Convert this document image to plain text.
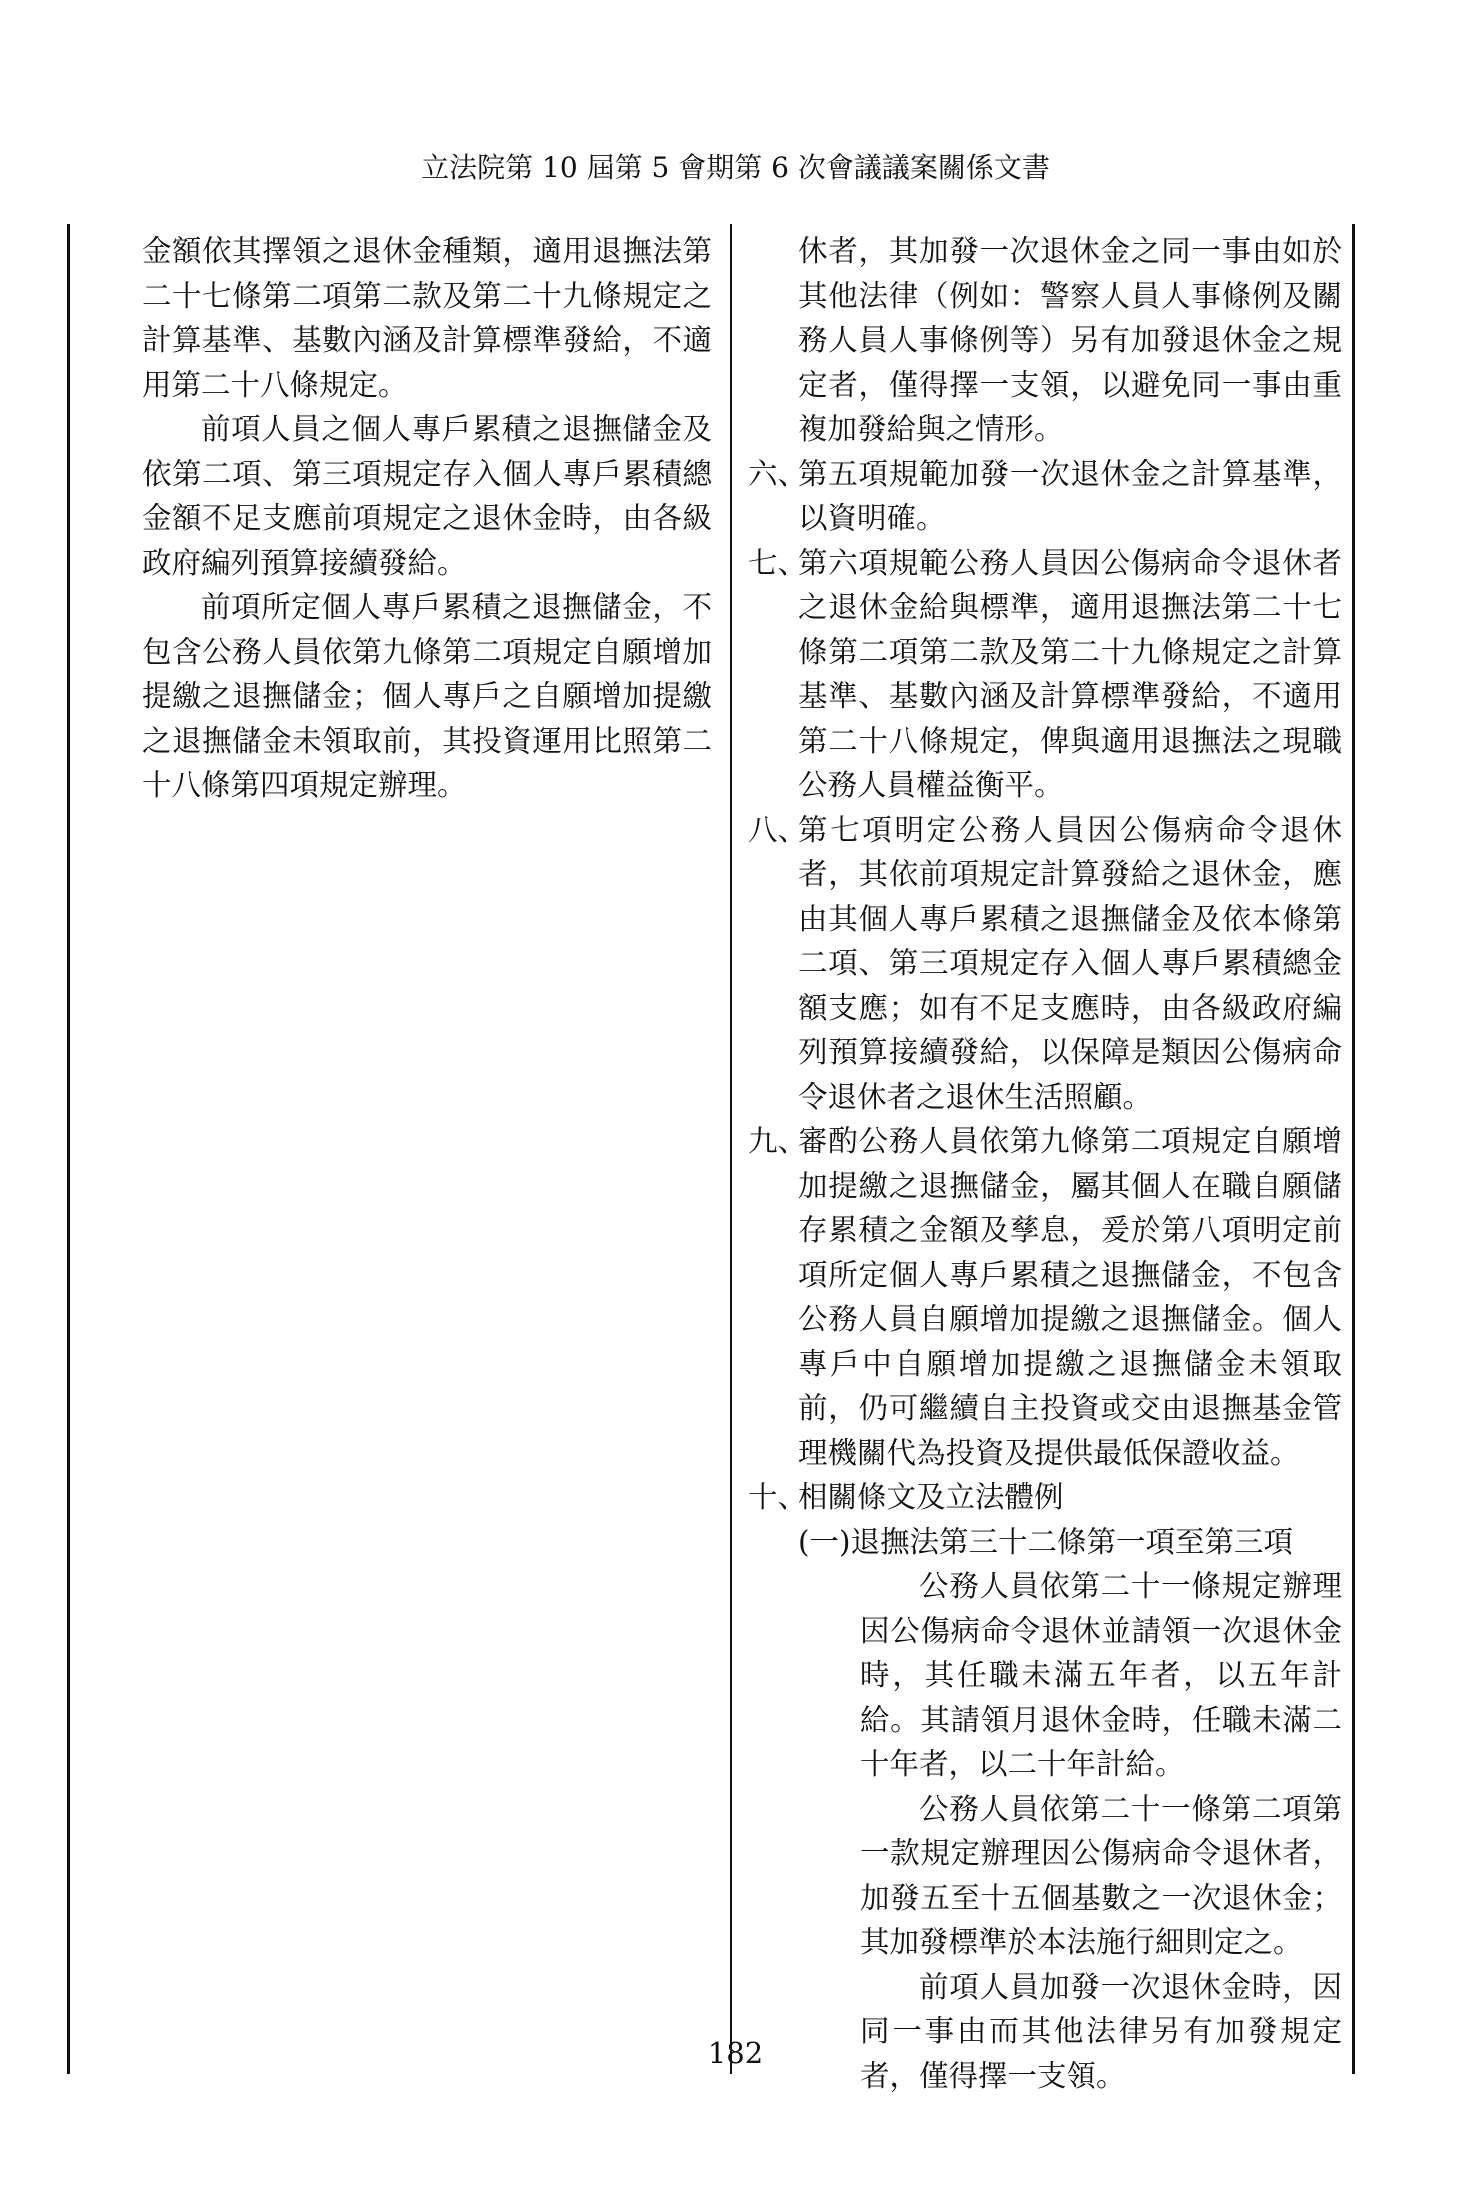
立法院第 10 屆第 5 會期第 6 次會議議案關係文書

金額依其擇領之退休金種類，適用退撫法第二十七條第二項第二款及第二十九條規定之計算基準、基數內涵及計算標準發給，不適用第二十八條規定。

前項人員之個人專戶累積之退撫儲金及依第二項、第三項規定存入個人專戶累積總金額不足支應前項規定之退休金時，由各級政府編列預算接續發給。

前項所定個人專戶累積之退撫儲金，不包含公務人員依第九條第二項規定自願增加提繳之退撫儲金；個人專戶之自願增加提繳之退撫儲金未領取前，其投資運用比照第二十八條第四項規定辦理。

休者，其加發一次退休金之同一事由如於其他法律（例如：警察人員人事條例及關務人員人事條例等）另有加發退休金之規定者，僅得擇一支領，以避免同一事由重複加發給與之情形。

六、
第五項規範加發一次退休金之計算基準，以資明確。
七、
第六項規範公務人員因公傷病命令退休者之退休金給與標準，適用退撫法第二十七條第二項第二款及第二十九條規定之計算基準、基數內涵及計算標準發給，不適用第二十八條規定，俾與適用退撫法之現職公務人員權益衡平。
八、
第七項明定公務人員因公傷病命令退休者，其依前項規定計算發給之退休金，應由其個人專戶累積之退撫儲金及依本條第二項、第三項規定存入個人專戶累積總金額支應；如有不足支應時，由各級政府編列預算接續發給，以保障是類因公傷病命令退休者之退休生活照顧。
九、
審酌公務人員依第九條第二項規定自願增加提繳之退撫儲金，屬其個人在職自願儲存累積之金額及孳息，爰於第八項明定前項所定個人專戶累積之退撫儲金，不包含公務人員自願增加提繳之退撫儲金。個人專戶中自願增加提繳之退撫儲金未領取前，仍可繼續自主投資或交由退撫基金管理機關代為投資及提供最低保證收益。
十、
相關條文及立法體例

(一)退撫法第三十二條第一項至第三項

公務人員依第二十一條規定辦理因公傷病命令退休並請領一次退休金時，其任職未滿五年者，以五年計給。其請領月退休金時，任職未滿二十年者，以二十年計給。

公務人員依第二十一條第二項第一款規定辦理因公傷病命令退休者，加發五至十五個基數之一次退休金；其加發標準於本法施行細則定之。

前項人員加發一次退休金時，因同一事由而其他法律另有加發規定者，僅得擇一支領。

182
